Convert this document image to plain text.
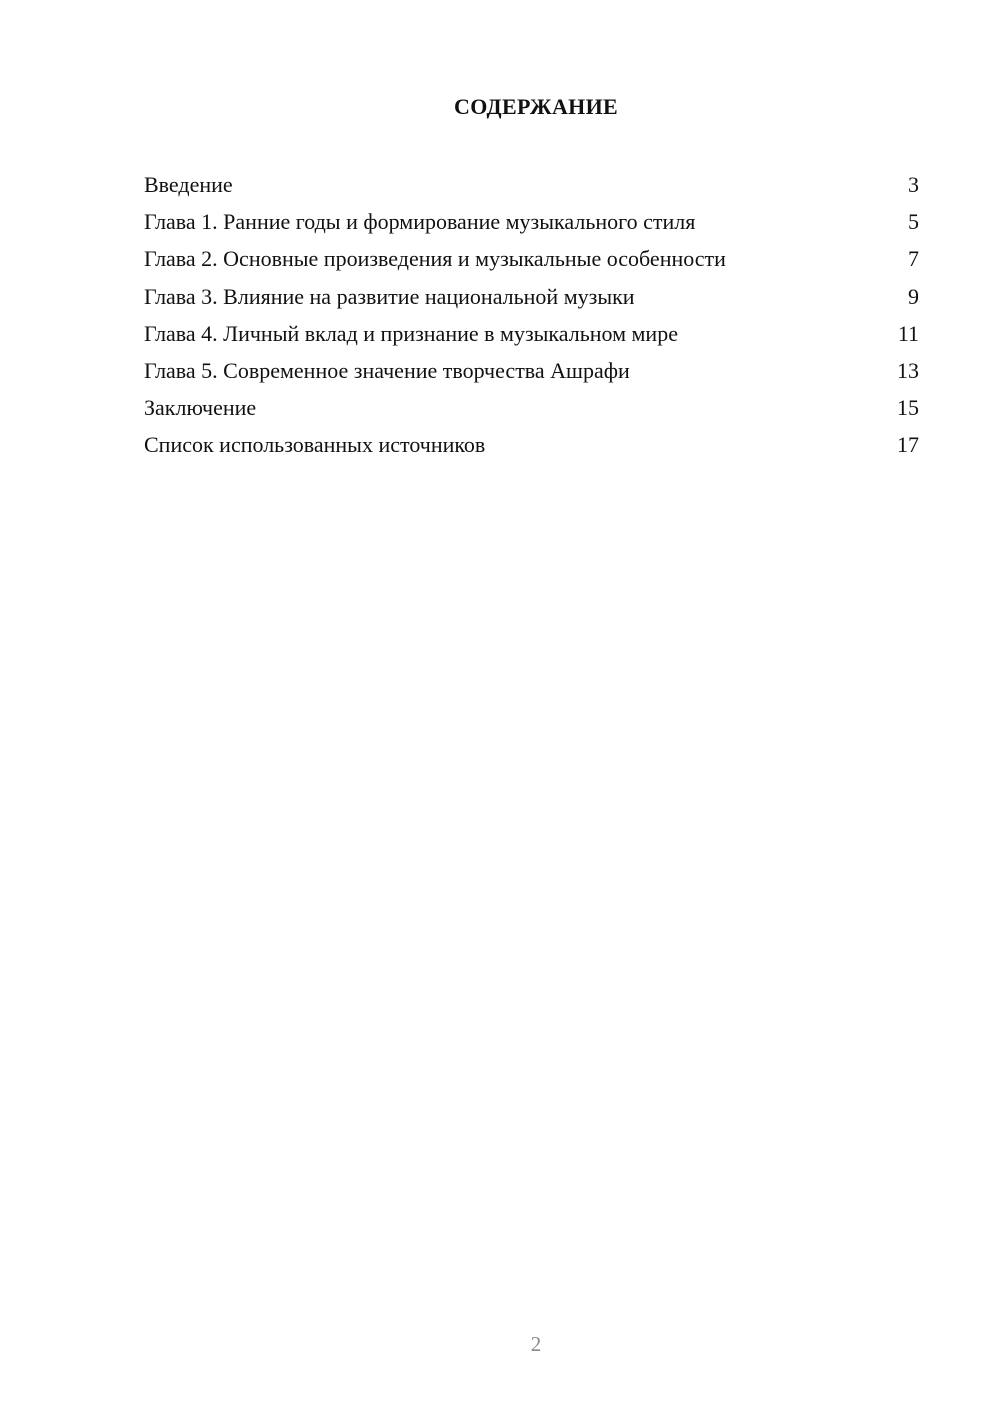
СОДЕРЖАНИЕ
Введение	3
Глава 1. Ранние годы и формирование музыкального стиля	5
Глава 2. Основные произведения и музыкальные особенности	7
Глава 3. Влияние на развитие национальной музыки	9
Глава 4. Личный вклад и признание в музыкальном мире	11
Глава 5. Современное значение творчества Ашрафи	13
Заключение	15
Список использованных источников	17
2
